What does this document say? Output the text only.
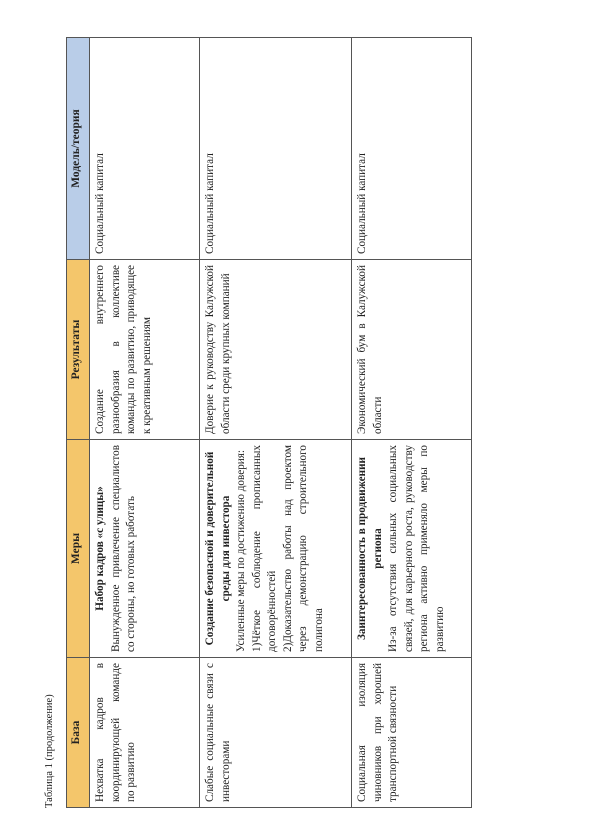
Таблица 1 (продолжение)	База	Меры	Результаты	Модель/теория
Нехватка кадров в координирующей команде по развитию	Набор кадров «с улицы» Вынужденное привлечение специалистов со стороны, но готовых работать	Создание внутреннего разнообразия в коллективе команды по развитию, приводящее к креативным решениям	Социальный капитал
Слабые социальные связи с инвесторами	Создание безопасной и доверительной среды для инвестора Усиленные меры по достижению доверия: 1)Чёткое соблюдение прописанных договорённостей 2)Доказательство работы над проектом через демонстрацию строительного полигона	Доверие к руководству Калужской области среди крупных компаний	Социальный капитал
Социальная изоляция чиновников при хорошей транспортной связности	Заинтересованность в продвижении региона Из-за отсутствия сильных социальных связей, для карьерного роста, руководству региона активно применяло меры по развитию	Экономический бум в Калужской области	Социальный капитал
